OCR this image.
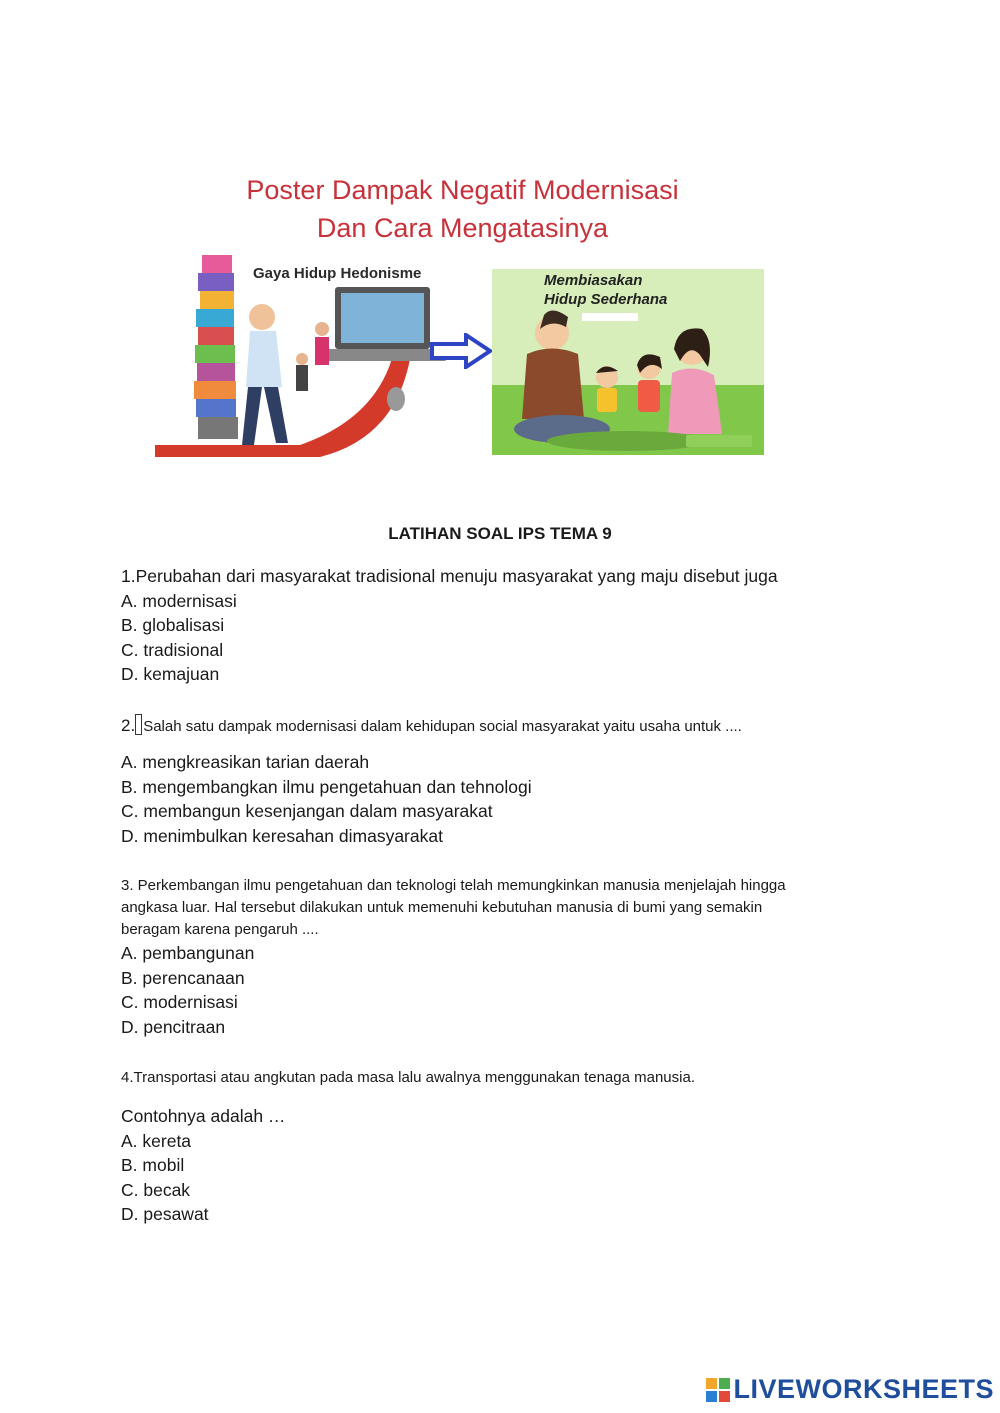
Poster Dampak Negatif Modernisasi
Dan Cara Mengatasinya
Gaya Hidup Hedonisme	Membiasakan
Hidup Sederhana
LATIHAN SOAL IPS TEMA 9
1.Perubahan dari masyarakat tradisional menuju masyarakat yang maju disebut juga
A. modernisasi
B. globalisasi
C. tradisional
D. kemajuan
2. Salah satu dampak modernisasi dalam kehidupan social masyarakat yaitu usaha untuk ....
A. mengkreasikan tarian daerah
B. mengembangkan ilmu pengetahuan dan tehnologi
C. membangun kesenjangan dalam masyarakat
D. menimbulkan keresahan dimasyarakat
3. Perkembangan ilmu pengetahuan dan teknologi telah memungkinkan manusia menjelajah hingga
angkasa luar. Hal tersebut dilakukan untuk memenuhi kebutuhan manusia di bumi yang semakin
beragam karena pengaruh ....
A. pembangunan
B. perencanaan
C. modernisasi
D. pencitraan
4.Transportasi atau angkutan pada masa lalu awalnya menggunakan tenaga manusia.
Contohnya adalah …
A. kereta
B. mobil
C. becak
D. pesawat
LIVEWORKSHEETS
